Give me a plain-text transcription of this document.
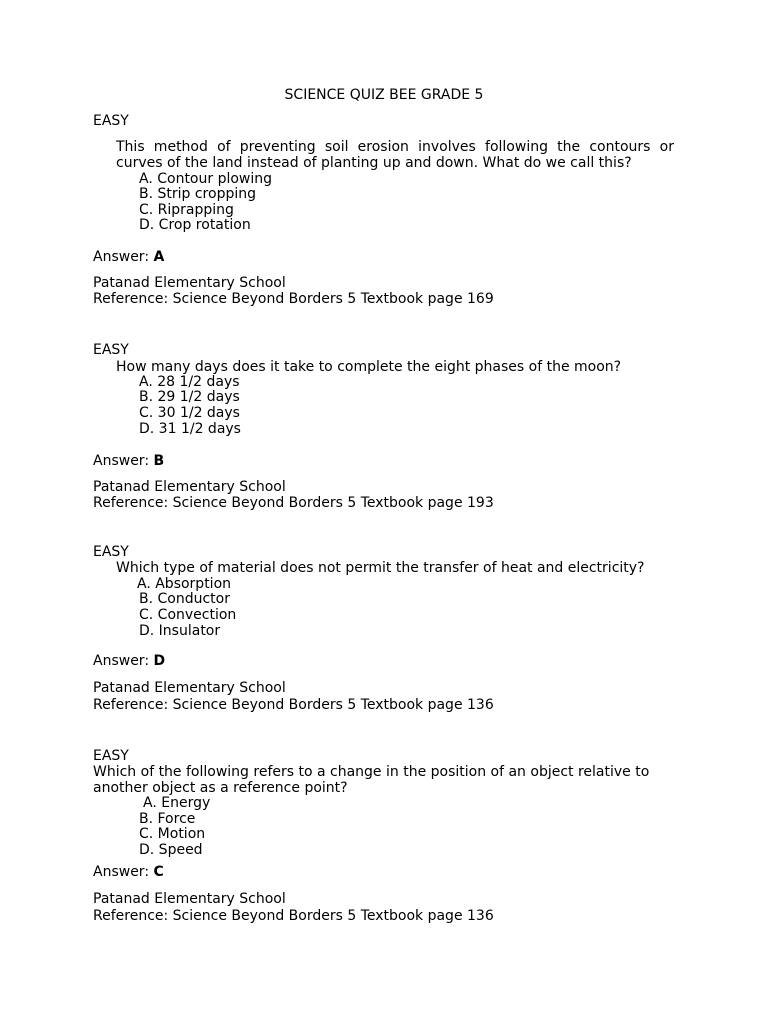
SCIENCE QUIZ BEE GRADE 5
EASY
This method of preventing soil erosion involves following the contours or curves of the land instead of planting up and down. What do we call this?
A. Contour plowing
B. Strip cropping
C. Riprapping
D. Crop rotation
Answer: A
Patanad Elementary School
Reference: Science Beyond Borders 5 Textbook page 169
EASY
How many days does it take to complete the eight phases of the moon?
A. 28 1/2 days
B. 29 1/2 days
C. 30 1/2 days
D. 31 1/2 days
Answer: B
Patanad Elementary School
Reference: Science Beyond Borders 5 Textbook page 193
EASY
Which type of material does not permit the transfer of heat and electricity?
A. Absorption
B. Conductor
C. Convection
D. Insulator
Answer: D
Patanad Elementary School
Reference: Science Beyond Borders 5 Textbook page 136
EASY
Which of the following refers to a change in the position of an object relative to
another object as a reference point?
A. Energy
B. Force
C. Motion
D. Speed
Answer: C
Patanad Elementary School
Reference: Science Beyond Borders 5 Textbook page 136
